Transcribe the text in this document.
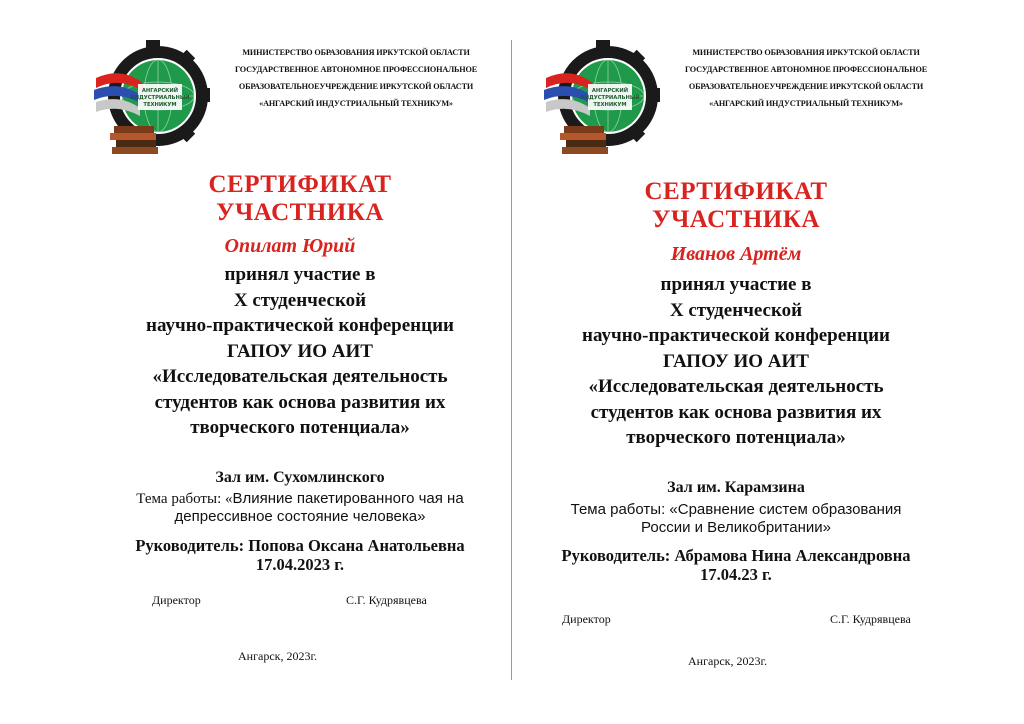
АНГАРСКИЙ
ИНДУСТРИАЛЬНЫЙ
ТЕХНИКУМ
МИНИСТЕРСТВО ОБРАЗОВАНИЯ ИРКУТСКОЙ ОБЛАСТИ
ГОСУДАРСТВЕННОЕ АВТОНОМНОЕ ПРОФЕССИОНАЛЬНОЕ
ОБРАЗОВАТЕЛЬНОЕУЧРЕЖДЕНИЕ ИРКУТСКОЙ ОБЛАСТИ
«АНГАРСКИЙ ИНДУСТРИАЛЬНЫЙ ТЕХНИКУМ»
СЕРТИФИКАТ
УЧАСТНИКА
Опилат Юрий
принял участие в
X студенческой
научно-практической конференции
ГАПОУ ИО АИТ
«Исследовательская деятельность
студентов как основа развития их
творческого потенциала»
Зал им. Сухомлинского
Тема работы: «Влияние пакетированного чая на
депрессивное состояние человека»
Руководитель: Попова Оксана Анатольевна
17.04.2023 г.
Директор	С.Г. Кудрявцева
Ангарск, 2023г.
АНГАРСКИЙ
ИНДУСТРИАЛЬНЫЙ
ТЕХНИКУМ
МИНИСТЕРСТВО ОБРАЗОВАНИЯ ИРКУТСКОЙ ОБЛАСТИ
ГОСУДАРСТВЕННОЕ АВТОНОМНОЕ ПРОФЕССИОНАЛЬНОЕ
ОБРАЗОВАТЕЛЬНОЕУЧРЕЖДЕНИЕ ИРКУТСКОЙ ОБЛАСТИ
«АНГАРСКИЙ ИНДУСТРИАЛЬНЫЙ ТЕХНИКУМ»
СЕРТИФИКАТ
УЧАСТНИКА
Иванов Артём
принял участие в
X студенческой
научно-практической конференции
ГАПОУ ИО АИТ
«Исследовательская деятельность
студентов как основа развития их
творческого потенциала»
Зал им. Карамзина
Тема работы: «Сравнение систем образования
России и Великобритании»
Руководитель: Абрамова Нина Александровна
17.04.23 г.
Директор	С.Г. Кудрявцева
Ангарск, 2023г.
